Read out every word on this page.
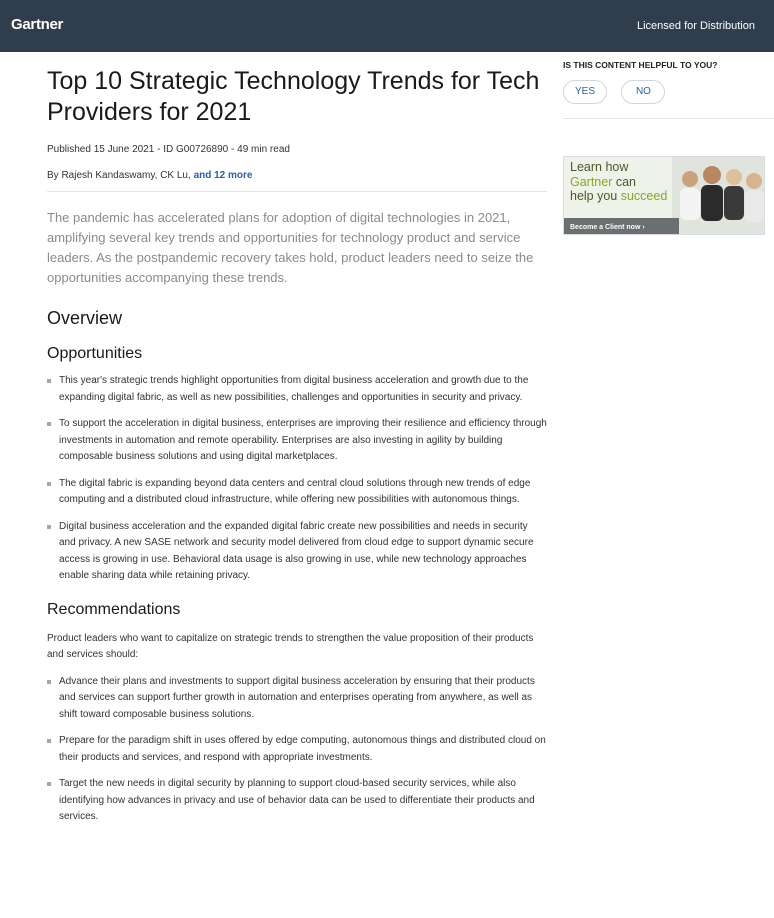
Gartner	Licensed for Distribution
Top 10 Strategic Technology Trends for Tech Providers for 2021
Published 15 June 2021 - ID G00726890 - 49 min read
By Rajesh Kandaswamy, CK Lu, and 12 more
The pandemic has accelerated plans for adoption of digital technologies in 2021, amplifying several key trends and opportunities for technology product and service leaders. As the postpandemic recovery takes hold, product leaders need to seize the opportunities accompanying these trends.
Overview
Opportunities
This year's strategic trends highlight opportunities from digital business acceleration and growth due to the expanding digital fabric, as well as new possibilities, challenges and opportunities in security and privacy.
To support the acceleration in digital business, enterprises are improving their resilience and efficiency through investments in automation and remote operability. Enterprises are also investing in agility by building composable business solutions and using digital marketplaces.
The digital fabric is expanding beyond data centers and central cloud solutions through new trends of edge computing and a distributed cloud infrastructure, while offering new possibilities with autonomous things.
Digital business acceleration and the expanded digital fabric create new possibilities and needs in security and privacy. A new SASE network and security model delivered from cloud edge to support dynamic secure access is growing in use. Behavioral data usage is also growing in use, while new technology approaches enable sharing data while retaining privacy.
Recommendations
Product leaders who want to capitalize on strategic trends to strengthen the value proposition of their products and services should:
Advance their plans and investments to support digital business acceleration by ensuring that their products and services can support further growth in automation and enterprises operating from anywhere, as well as shift toward composable business solutions.
Prepare for the paradigm shift in uses offered by edge computing, autonomous things and distributed cloud on their products and services, and respond with appropriate investments.
Target the new needs in digital security by planning to support cloud-based security services, while also identifying how advances in privacy and use of behavior data can be used to differentiate their products and services.
IS THIS CONTENT HELPFUL TO YOU?
YES	NO
Learn how
Gartner can
help you succeed
Become a Client now ›
